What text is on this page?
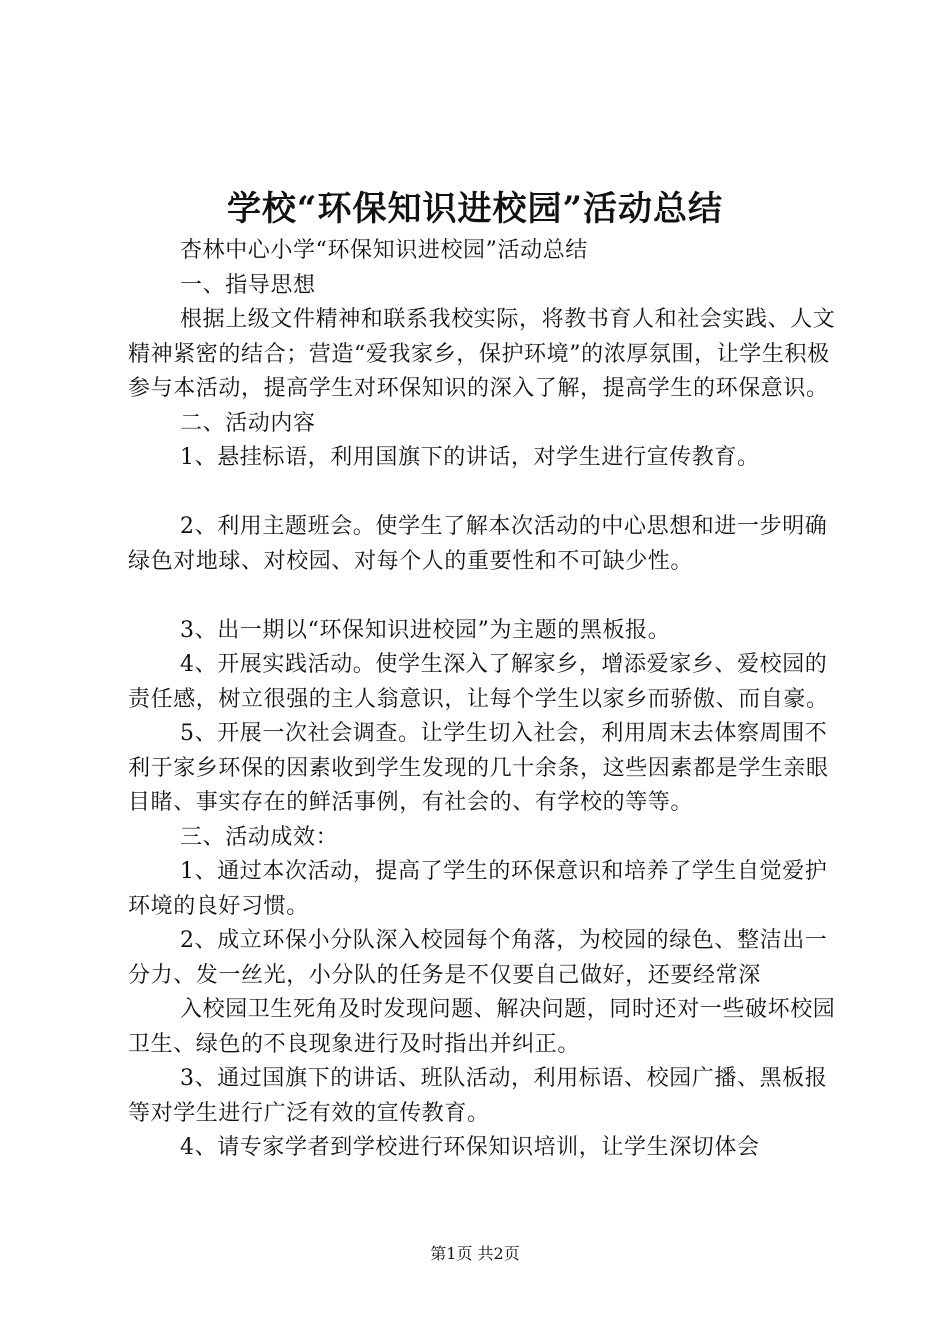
学校“环保知识进校园”活动总结

杏林中心小学“环保知识进校园”活动总结

一、指导思想

根据上级文件精神和联系我校实际，将教书育人和社会实践、人文精神紧密的结合；营造“爱我家乡，保护环境”的浓厚氛围，让学生积极参与本活动，提高学生对环保知识的深入了解，提高学生的环保意识。

二、活动内容

1、悬挂标语，利用国旗下的讲话，对学生进行宣传教育。

2、利用主题班会。使学生了解本次活动的中心思想和进一步明确绿色对地球、对校园、对每个人的重要性和不可缺少性。

3、出一期以“环保知识进校园”为主题的黑板报。

4、开展实践活动。使学生深入了解家乡，增添爱家乡、爱校园的责任感，树立很强的主人翁意识，让每个学生以家乡而骄傲、而自豪。

5、开展一次社会调查。让学生切入社会，利用周末去体察周围不利于家乡环保的因素收到学生发现的几十余条，这些因素都是学生亲眼目睹、事实存在的鲜活事例，有社会的、有学校的等等。

三、活动成效：

1、通过本次活动，提高了学生的环保意识和培养了学生自觉爱护环境的良好习惯。

2、成立环保小分队深入校园每个角落，为校园的绿色、整洁出一分力、发一丝光，小分队的任务是不仅要自己做好，还要经常深

入校园卫生死角及时发现问题、解决问题，同时还对一些破坏校园卫生、绿色的不良现象进行及时指出并纠正。

3、通过国旗下的讲话、班队活动，利用标语、校园广播、黑板报等对学生进行广泛有效的宣传教育。

4、请专家学者到学校进行环保知识培训，让学生深切体会

第1页 共2页
